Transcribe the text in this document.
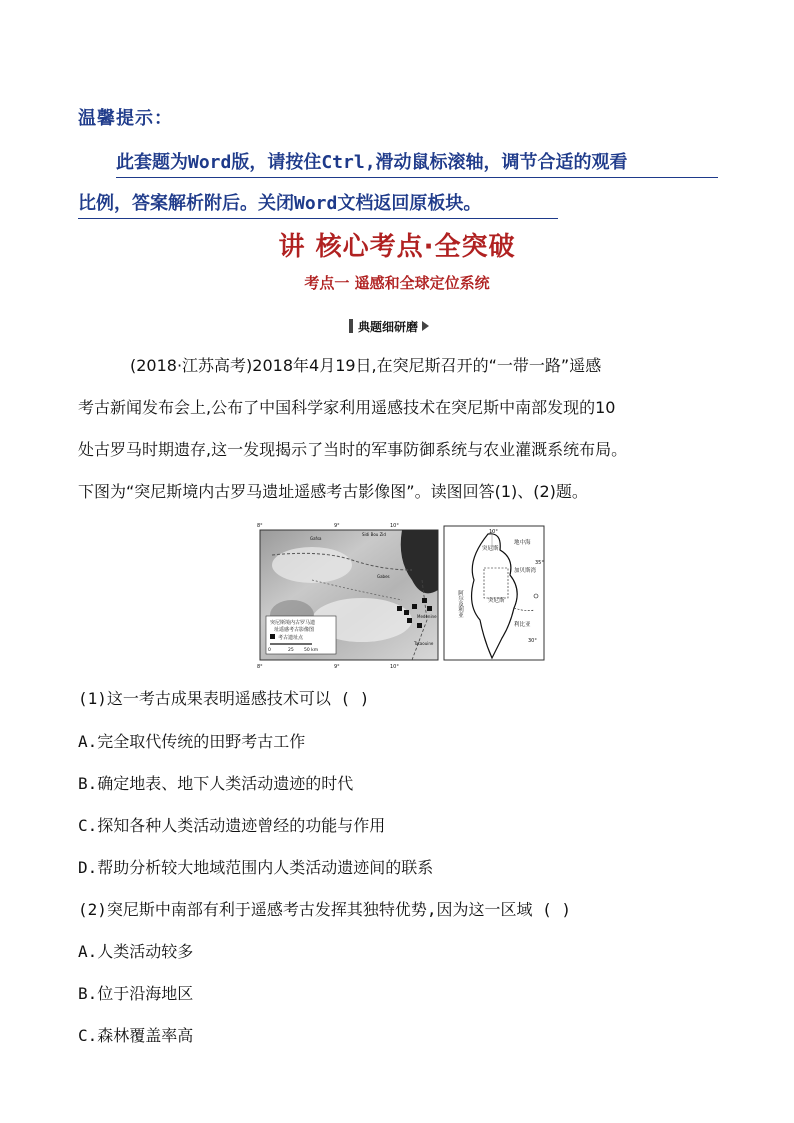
温馨提示：
此套题为Word版，请按住Ctrl,滑动鼠标滚轴，调节合适的观看
比例，答案解析附后。关闭Word文档返回原板块。
讲 核心考点·全突破
考点一 遥感和全球定位系统
典题细研磨

(2018·江苏高考)2018年4月19日,在突尼斯召开的“一带一路”遥感

考古新闻发布会上,公布了中国科学家利用遥感技术在突尼斯中南部发现的10

处古罗马时期遗存,这一发现揭示了当时的军事防御系统与农业灌溉系统布局。

下图为“突尼斯境内古罗马遗址遥感考古影像图”。读图回答(1)、(2)题。

Gafsa
Sidi Bou Zid
Gabes
Medenine
Tataouine
突尼斯境内古罗马遗
址遥感考古影像图
考古遗址点
0	25 50 km
8°	9°	10°
8°	9°	10°
10°
突尼斯
地中海
35°
加贝斯湾
突尼斯
阿尔及利亚
利比亚
30°
(1)这一考古成果表明遥感技术可以 ( )
A.完全取代传统的田野考古工作
B.确定地表、地下人类活动遗迹的时代
C.探知各种人类活动遗迹曾经的功能与作用
D.帮助分析较大地域范围内人类活动遗迹间的联系
(2)突尼斯中南部有利于遥感考古发挥其独特优势,因为这一区域 ( )
A.人类活动较多
B.位于沿海地区
C.森林覆盖率高
